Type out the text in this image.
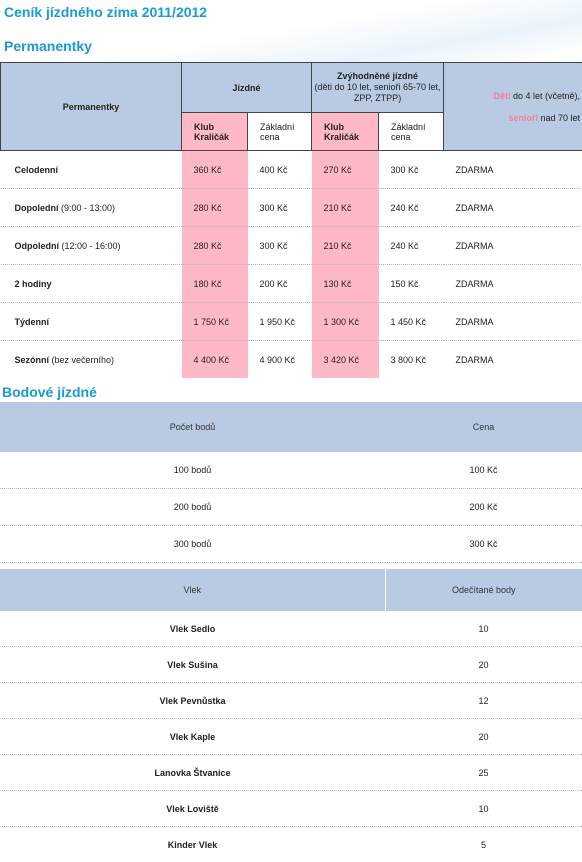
Ceník jízdného zima 2011/2012
Permanentky
Permanentky	Jízdné		Zvýhodněné jízdné
(děti do 10 let, senioři 65-70 let, ZPP, ZTPP)		Děti do 4 let (včetně),
senioři nad 70 let
	Klub Kraličák	Základní cena	Klub Kraličák	Základní cena	
Celodenní	360 Kč	400 Kč	270 Kč	300 Kč	ZDARMA
Dopolední (9:00 - 13:00)	280 Kč	300 Kč	210 Kč	240 Kč	ZDARMA
Odpolední (12:00 - 16:00)	280 Kč	300 Kč	210 Kč	240 Kč	ZDARMA
2 hodiny	180 Kč	200 Kč	130 Kč	150 Kč	ZDARMA
Týdenní	1 750 Kč	1 950 Kč	1 300 Kč	1 450 Kč	ZDARMA
Sezónní (bez večerního)	4 400 Kč	4 900 Kč	3 420 Kč	3 800 Kč	ZDARMA
Bodové jízdné
Počet bodů	Cena
100 bodů	100 Kč
200 bodů	200 Kč
300 bodů	300 Kč
Vlek	Odečítané body
Vlek Sedlo	10
Vlek Sušina	20
Vlek Pevnůstka	12
Vlek Kaple	20
Lanovka Štvanice	25
Vlek Loviště	10
Kinder Vlek	5
